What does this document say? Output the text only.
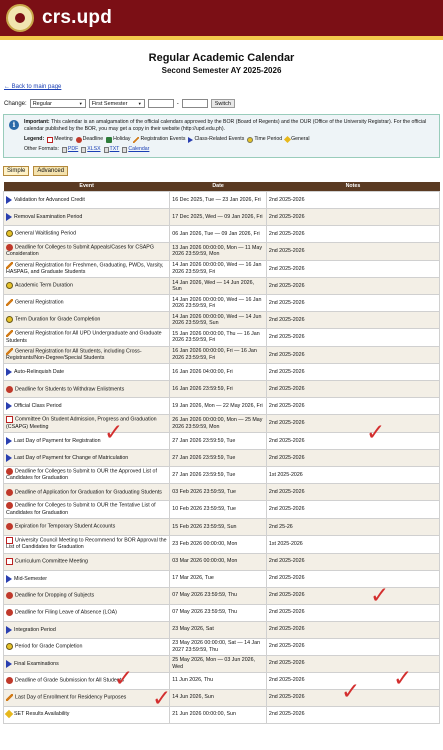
crs.upd
Regular Academic Calendar
Second Semester AY 2025-2026
← Back to main page
Change: Regular	▼ First Semester	▼	-	Switch
i	Important: This calendar is an amalgamation of the official calendars approved by the BOR (Board of Regents) and the OUR (Office of the University Registrar). For the official calendar published by the BOR, you may get a copy in their website (http://upd.edu.ph).
Legend: Meeting Deadline Holiday Registration Events Class-Related Events Time Period General
Other Formats: PDF XLSX TXT Calendar
Simple	Advanced
Event	Date	Notes
Validation for Advanced Credit	16 Dec 2025, Tue — 23 Jan 2026, Fri	2nd 2025-2026
Removal Examination Period	17 Dec 2025, Wed — 09 Jan 2026, Fri	2nd 2025-2026
General Waitlisting Period	06 Jan 2026, Tue — 09 Jan 2026, Fri	2nd 2025-2026
Deadline for Colleges to Submit Appeals/Cases for CSAPG Consideration	13 Jan 2026 00:00:00, Mon — 11 May 2026 23:59:59, Mon	2nd 2025-2026
General Registration for Freshmen, Graduating, PWDs, Varsity, HASPAG, and Graduate Students	14 Jan 2026 00:00:00, Wed — 16 Jan 2026 23:59:59, Fri	2nd 2025-2026
Academic Term Duration	14 Jan 2026, Wed — 14 Jun 2026, Sun	2nd 2025-2026
General Registration	14 Jan 2026 00:00:00, Wed — 16 Jan 2026 23:59:59, Fri	2nd 2025-2026
Term Duration for Grade Completion	14 Jan 2026 00:00:00, Wed — 14 Jun 2026 23:59:59, Sun	2nd 2025-2026
General Registration for All UPD Undergraduate and Graduate Students	15 Jan 2026 00:00:00, Thu — 16 Jan 2026 23:59:59, Fri	2nd 2025-2026
General Registration for All Students, including Cross-Registrants/Non-Degree/Special Students	16 Jan 2026 00:00:00, Fri — 16 Jan 2026 23:59:59, Fri	2nd 2025-2026
Auto-Relinquish Date	16 Jan 2026 04:00:00, Fri	2nd 2025-2026
Deadline for Students to Withdraw Enlistments	16 Jan 2026 23:59:59, Fri	2nd 2025-2026
Official Class Period	19 Jan 2026, Mon — 22 May 2026, Fri	2nd 2025-2026
Committee On Student Admission, Progress and Graduation (CSAPG) Meeting	26 Jan 2026 00:00:00, Mon — 25 May 2026 23:59:59, Mon	2nd 2025-2026
Last Day of Payment for Registration	27 Jan 2026 23:59:59, Tue	2nd 2025-2026
Last Day of Payment for Change of Matriculation	27 Jan 2026 23:59:59, Tue	2nd 2025-2026
Deadline for Colleges to Submit to OUR the Approved List of Candidates for Graduation	27 Jan 2026 23:59:59, Tue	1st 2025-2026
Deadline of Application for Graduation for Graduating Students	03 Feb 2026 23:59:59, Tue	2nd 2025-2026
Deadline for Colleges to Submit to OUR the Tentative List of Candidates for Graduation	10 Feb 2026 23:59:59, Tue	2nd 2025-2026
Expiration for Temporary Student Accounts	15 Feb 2026 23:59:59, Sun	2nd 25-26
University Council Meeting to Recommend for BOR Approval the List of Candidates for Graduation	23 Feb 2026 00:00:00, Mon	1st 2025-2026
Curriculum Committee Meeting	03 Mar 2026 00:00:00, Mon	2nd 2025-2026
Mid-Semester	17 Mar 2026, Tue	2nd 2025-2026
Deadline for Dropping of Subjects	07 May 2026 23:59:59, Thu	2nd 2025-2026
Deadline for Filing Leave of Absence (LOA)	07 May 2026 23:59:59, Thu	2nd 2025-2026
Integration Period	23 May 2026, Sat	2nd 2025-2026
Period for Grade Completion	23 May 2026 00:00:00, Sat — 14 Jan 2027 23:59:59, Thu	2nd 2025-2026
Final Examinations	25 May 2026, Mon — 03 Jun 2026, Wed	2nd 2025-2026
Deadline of Grade Submission for All Students	11 Jun 2026, Thu	2nd 2025-2026
Last Day of Enrollment for Residency Purposes	14 Jun 2026, Sun	2nd 2025-2026
SET Results Availability	21 Jun 2026 00:00:00, Sun	2nd 2025-2026
✓	✓
✓
✓
✓	✓ ✓
